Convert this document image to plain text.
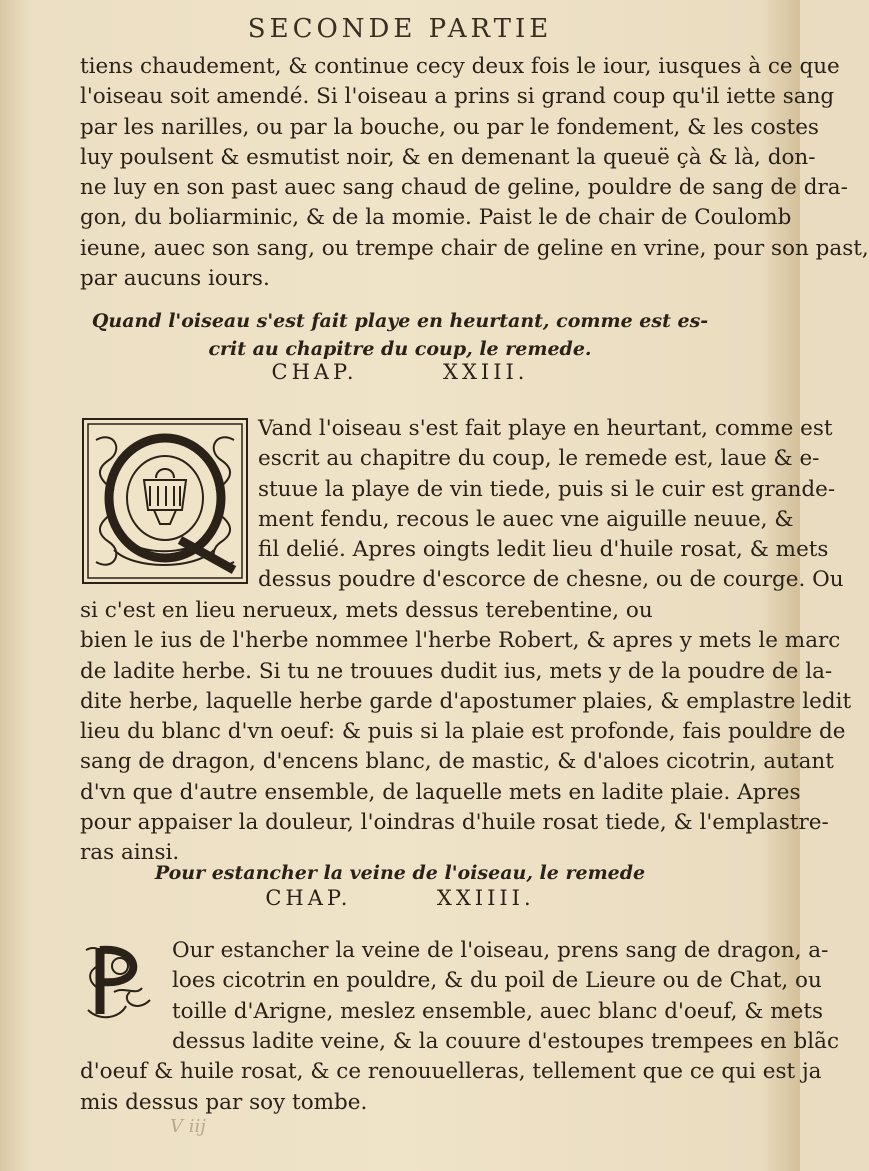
SECONDE PARTIE
tiens chaudement, & continue cecy deux fois le iour, iusques à ce que
l'oiseau soit amendé. Si l'oiseau a prins si grand coup qu'il iette sang
par les narilles, ou par la bouche, ou par le fondement, & les costes
luy poulsent & esmutist noir, & en demenant la queuë çà & là, don-
ne luy en son past auec sang chaud de geline, pouldre de sang de dra-
gon, du boliarminic, & de la momie. Paist le de chair de Coulomb
ieune, auec son sang, ou trempe chair de geline en vrine, pour son past,
par aucuns iours.
Quand l'oiseau s'est fait playe en heurtant, comme est es-
crit au chapitre du coup, le remede.
CHAP.	XXIII.
Vand l'oiseau s'est fait playe en heurtant, comme est
escrit au chapitre du coup, le remede est, laue & e-
stuue la playe de vin tiede, puis si le cuir est grande-
ment fendu, recous le auec vne aiguille neuue, &
fil delié. Apres oingts ledit lieu d'huile rosat, & mets
dessus poudre d'escorce de chesne, ou de courge. Ou
si c'est en lieu nerueux, mets dessus terebentine, ou
bien le ius de l'herbe nommee l'herbe Robert, & apres y mets le marc
de ladite herbe. Si tu ne trouues dudit ius, mets y de la poudre de la-
dite herbe, laquelle herbe garde d'apostumer plaies, & emplastre ledit
lieu du blanc d'vn oeuf: & puis si la plaie est profonde, fais pouldre de
sang de dragon, d'encens blanc, de mastic, & d'aloes cicotrin, autant
d'vn que d'autre ensemble, de laquelle mets en ladite plaie. Apres
pour appaiser la douleur, l'oindras d'huile rosat tiede, & l'emplastre-
ras ainsi.
Pour estancher la veine de l'oiseau, le remede
CHAP.	XXIIII.
Our estancher la veine de l'oiseau, prens sang de dragon, a-
loes cicotrin en pouldre, & du poil de Lieure ou de Chat, ou
toille d'Arigne, meslez ensemble, auec blanc d'oeuf, & mets
dessus ladite veine, & la couure d'estoupes trempees en blãc
d'oeuf & huile rosat, & ce renouuelleras, tellement que ce qui est ja
mis dessus par soy tombe.
V iij
